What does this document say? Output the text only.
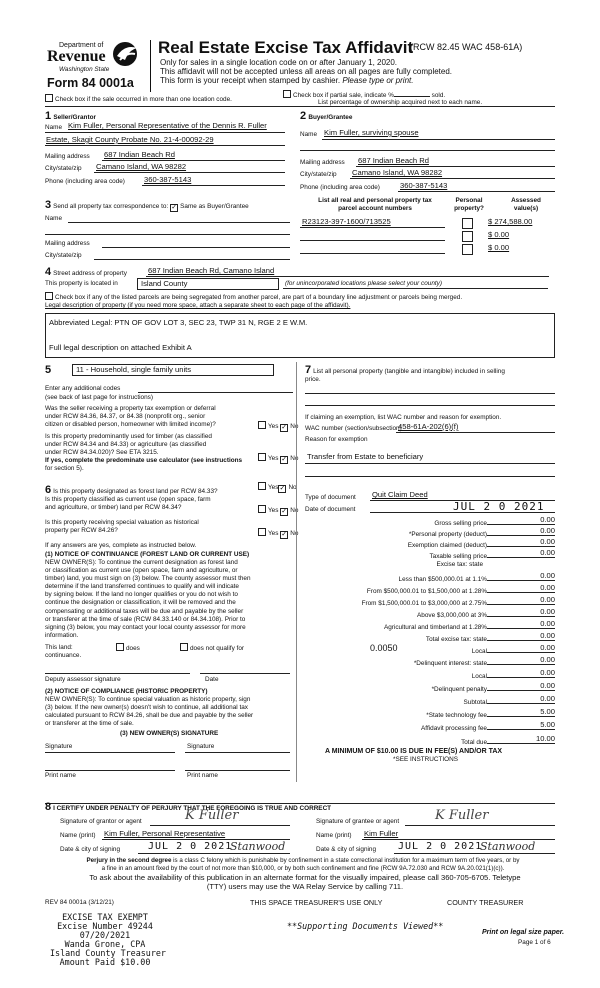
Department of
Revenue
Washington State
Form 84 0001a
Real Estate Excise Tax Affidavit
(RCW 82.45 WAC 458-61A)
Only for sales in a single location code on or after January 1, 2020.
This affidavit will not be accepted unless all areas on all pages are fully completed.
This form is your receipt when stamped by cashier. Please type or print.
Check box if the sale occurred in more than one location code.
Check box if partial sale, indicate %	sold.
List percentage of ownership acquired next to each name.
1 Seller/Grantor
Name Kim Fuller, Personal Representative of the Dennis R. Fuller
Estate, Skagit County Probate No. 21-4-00092-29
Mailing address 687 Indian Beach Rd
City/state/zip Camano Island, WA 98282
Phone (including area code)	360-387-5143
2 Buyer/Grantee
Name Kim Fuller, surviving spouse
Mailing address 687 Indian Beach Rd
City/state/zip Camano Island, WA 98282
Phone (including area code)	360-387-5143
3 Send all property tax correspondence to: ✓ Same as Buyer/Grantee
Name
Mailing address
City/state/zip
List all real and personal property tax
parcel account numbers
Personal
property?
Assessed
value(s)
R23123-397-1600/713525	$ 274,588.00
$ 0.00
$ 0.00
4 Street address of property	687 Indian Beach Rd, Camano Island
This property is located in	Island County	(for unincorporated locations please select your county)
Check box if any of the listed parcels are being segregated from another parcel, are part of a boundary line adjustment or parcels being merged.
Legal description of property (if you need more space, attach a separate sheet to each page of the affidavit).
Abbreviated Legal: PTN OF GOV LOT 3, SEC 23, TWP 31 N, RGE 2 E W.M.
Full legal description on attached Exhibit A
5	11 - Household, single family units
Enter any additional codes
(see back of last page for instructions)
Was the seller receiving a property tax exemption or deferral
under RCW 84.36, 84.37, or 84.38 (nonprofit org., senior
citizen or disabled person, homeowner with limited income)?	Yes ✓ No
Is this property predominantly used for timber (as classified
under RCW 84.34 and 84.33) or agriculture (as classified
under RCW 84.34.020)? See ETA 3215.
If yes, complete the predominate use calculator (see instructions
for section 5).
Yes ✓ No
6 Is this property designated as forest land per RCW 84.33?
Yes✓ No
Is this property classified as current use (open space, farm
and agriculture, or timber) land per RCW 84.34?	Yes ✓ No
Is this property receiving special valuation as historical
property per RCW 84.26?	Yes ✓ No
If any answers are yes, complete as instructed below.
(1) NOTICE OF CONTINUANCE (FOREST LAND OR CURRENT USE)
NEW OWNER(S): To continue the current designation as forest land
or classification as current use (open space, farm and agriculture, or
timber) land, you must sign on (3) below. The county assessor must then
determine if the land transferred continues to qualify and will indicate
by signing below. If the land no longer qualifies or you do not wish to
continue the designation or classification, it will be removed and the
compensating or additional taxes will be due and payable by the seller
or transferer at the time of sale (RCW 84.33.140 or 84.34.108). Prior to
signing (3) below, you may contact your local county assessor for more
information.
This land:	does	does not qualify for
continuance.
Deputy assessor signature	Date
(2) NOTICE OF COMPLIANCE (HISTORIC PROPERTY)
NEW OWNER(S): To continue special valuation as historic property, sign
(3) below. If the new owner(s) doesn't wish to continue, all additional tax
calculated pursuant to RCW 84.26, shall be due and payable by the seller
or transferer at the time of sale.
(3) NEW OWNER(S) SIGNATURE
Signature	Signature
Print name	Print name
7 List all personal property (tangible and intangible) included in selling
price.
If claiming an exemption, list WAC number and reason for exemption.
WAC number (section/subsection)
458-61A-202(6)(f)
Reason for exemption
Transfer from Estate to beneficiary
Type of document Quit Claim Deed
Date of document	JUL 2 0 2021
Gross selling price	0.00
*Personal property (deduct)	0.00
Exemption claimed (deduct)	0.00
Taxable selling price	0.00
Excise tax: state
Less than $500,000.01 at 1.1%	0.00
From $500,000.01 to $1,500,000 at 1.28%	0.00
From $1,500,000.01 to $3,000,000 at 2.75%	0.00
Above $3,000,000 at 3%	0.00
Agricultural and timberland at 1.28%	0.00
Total excise tax: state	0.00
0.0050	Local	0.00
*Delinquent interest: state	0.00
Local	0.00
*Delinquent penalty	0.00
Subtotal	0.00
*State technology fee	5.00
Affidavit processing fee	5.00
Total due	10.00
A MINIMUM OF $10.00 IS DUE IN FEE(S) AND/OR TAX
*SEE INSTRUCTIONS
8 I CERTIFY UNDER PENALTY OF PERJURY THAT THE FOREGOING IS TRUE AND CORRECT
Signature of grantor or agent	K Fuller
Name (print) Kim Fuller, Personal Representative
Date & city of signing	JUL 2 0 2021
Stanwood
Signature of grantee or agent	K Fuller
Name (print) Kim Fuller
Date & city of signing JUL 2 0 2021
Stanwood
Perjury in the second degree is a class C felony which is punishable by confinement in a state correctional institution for a maximum term of five years, or by
a fine in an amount fixed by the court of not more than $10,000, or by both such confinement and fine (RCW 9A.72.030 and RCW 9A.20.021(1)(c)).
To ask about the availability of this publication in an alternate format for the visually impaired, please call 360-705-6705. Teletype
(TTY) users may use the WA Relay Service by calling 711.
REV 84 0001a (3/12/21)	THIS SPACE TREASURER'S USE ONLY	COUNTY TREASURER
EXCISE TAX EXEMPT
Excise Number 49244
07/20/2021
Wanda Grone, CPA
Island County Treasurer
Amount Paid $10.00
**Supporting Documents Viewed**
Print on legal size paper.
Page 1 of 6
